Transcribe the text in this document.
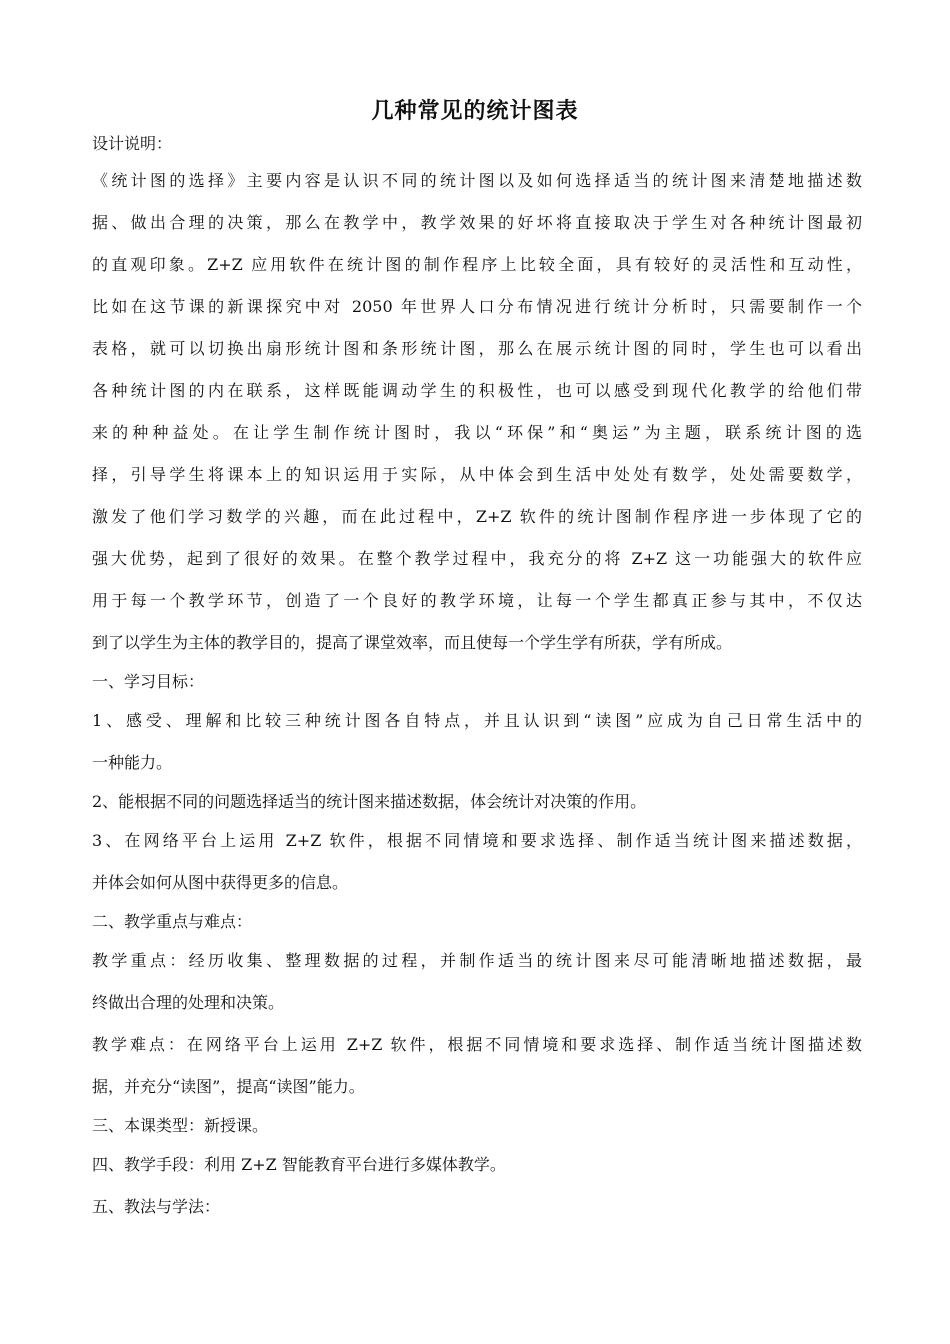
几种常见的统计图表
设计说明：
《统计图的选择》主要内容是认识不同的统计图以及如何选择适当的统计图来清楚地描述数
据、做出合理的决策，那么在教学中，教学效果的好坏将直接取决于学生对各种统计图最初
的直观印象。Z+Z 应用软件在统计图的制作程序上比较全面，具有较好的灵活性和互动性，
比如在这节课的新课探究中对 2050 年世界人口分布情况进行统计分析时，只需要制作一个
表格，就可以切换出扇形统计图和条形统计图，那么在展示统计图的同时，学生也可以看出
各种统计图的内在联系，这样既能调动学生的积极性，也可以感受到现代化教学的给他们带
来的种种益处。在让学生制作统计图时，我以“环保”和“奥运”为主题，联系统计图的选
择，引导学生将课本上的知识运用于实际，从中体会到生活中处处有数学，处处需要数学，
激发了他们学习数学的兴趣，而在此过程中，Z+Z 软件的统计图制作程序进一步体现了它的
强大优势，起到了很好的效果。在整个教学过程中，我充分的将 Z+Z 这一功能强大的软件应
用于每一个教学环节，创造了一个良好的教学环境，让每一个学生都真正参与其中，不仅达
到了以学生为主体的教学目的，提高了课堂效率，而且使每一个学生学有所获，学有所成。
一、学习目标：
1、感受、理解和比较三种统计图各自特点，并且认识到“读图”应成为自己日常生活中的
一种能力。
2、能根据不同的问题选择适当的统计图来描述数据，体会统计对决策的作用。
3、在网络平台上运用 Z+Z 软件，根据不同情境和要求选择、制作适当统计图来描述数据，
并体会如何从图中获得更多的信息。
二、教学重点与难点：
教学重点：经历收集、整理数据的过程，并制作适当的统计图来尽可能清晰地描述数据，最
终做出合理的处理和决策。
教学难点：在网络平台上运用 Z+Z 软件，根据不同情境和要求选择、制作适当统计图描述数
据，并充分“读图”，提高“读图”能力。
三、本课类型：新授课。
四、教学手段：利用 Z+Z 智能教育平台进行多媒体教学。
五、教法与学法：
